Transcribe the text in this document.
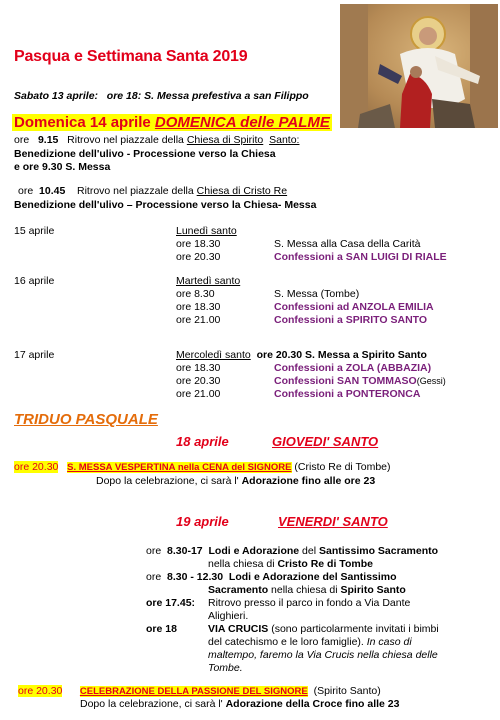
Pasqua e Settimana Santa 2019
Sabato 13 aprile: ore 18: S. Messa prefestiva a san Filippo
Domenica 14 aprile DOMENICA delle PALME
ore 9.15 Ritrovo nel piazzale della Chiesa di Spirito Santo:
Benedizione dell'ulivo - Processione verso la Chiesa
e ore 9.30 S. Messa
ore 10.45 Ritrovo nel piazzale della Chiesa di Cristo Re
Benedizione dell'ulivo – Processione verso la Chiesa- Messa
15 aprile	Lunedì santo
ore 18.30	S. Messa alla Casa della Carità
ore 20.30	Confessioni a SAN LUIGI DI RIALE
16 aprile	Martedì santo
ore 8.30	S. Messa (Tombe)
ore 18.30	Confessioni ad ANZOLA EMILIA
ore 21.00	Confessioni a SPIRITO SANTO
17 aprile	Mercoledì santo ore 20.30 S. Messa a Spirito Santo
ore 18.30	Confessioni a ZOLA (ABBAZIA)
ore 20.30	Confessioni SAN TOMMASO(Gessi)
ore 21.00	Confessioni a PONTERONCA
TRIDUO PASQUALE
18 aprile	GIOVEDI' SANTO
ore 20.30 S. MESSA VESPERTINA nella CENA del SIGNORE (Cristo Re di Tombe)
Dopo la celebrazione, ci sarà l' Adorazione fino alle ore 23
19 aprile	VENERDI' SANTO
ore 8.30-17 Lodi e Adorazione del Santissimo Sacramento
nella chiesa di Cristo Re di Tombe
ore 8.30 - 12.30 Lodi e Adorazione del Santissimo
Sacramento nella chiesa di Spirito Santo
ore 17.45: Ritrovo presso il parco in fondo a Via Dante
Alighieri.
ore 18	VIA CRUCIS (sono particolarmente invitati i bimbi
del catechismo e le loro famiglie). In caso di
maltempo, faremo la Via Crucis nella chiesa delle
Tombe.
ore 20.30 CELEBRAZIONE DELLA PASSIONE DEL SIGNORE (Spirito Santo)
Dopo la celebrazione, ci sarà l' Adorazione della Croce fino alle 23
